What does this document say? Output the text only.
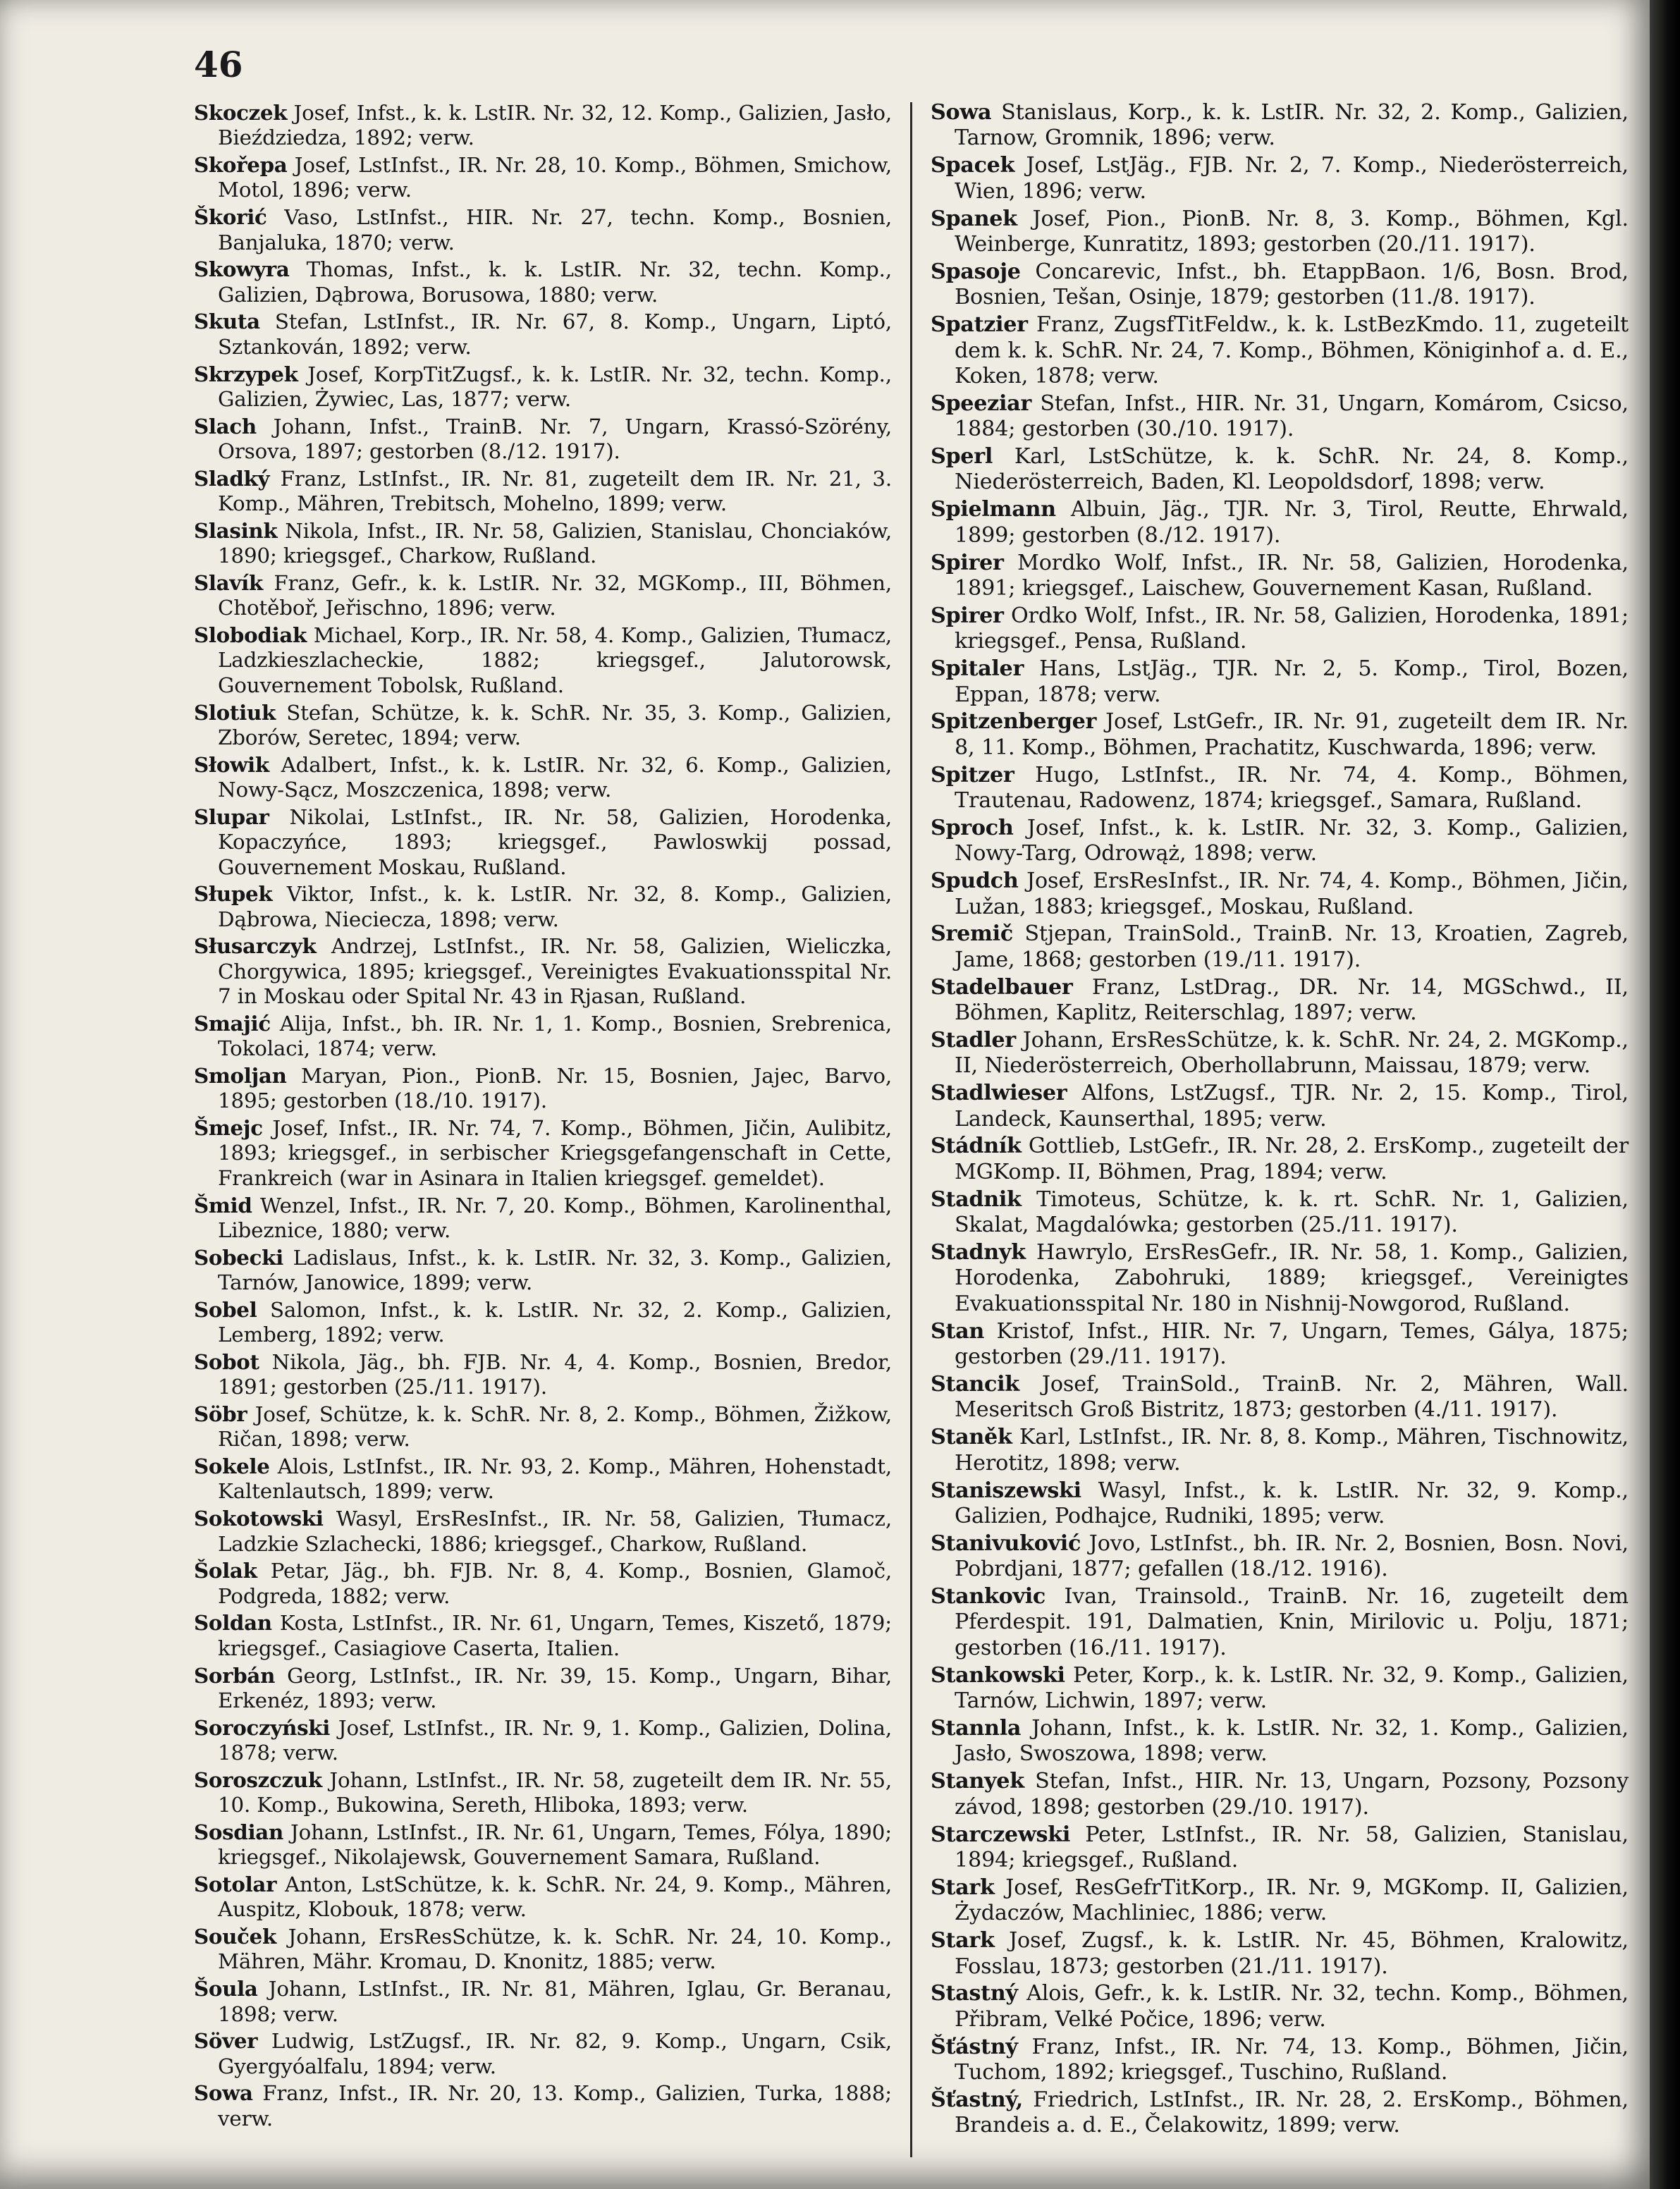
46

Skoczek Josef, Infst., k. k. LstIR. Nr. 32, 12. Komp., Galizien, Jasło, Bieździedza, 1892; verw.

Skořepa Josef, LstInfst., IR. Nr. 28, 10. Komp., Böhmen, Smichow, Motol, 1896; verw.

Škorić Vaso, LstInfst., HIR. Nr. 27, techn. Komp., Bosnien, Banjaluka, 1870; verw.

Skowyra Thomas, Infst., k. k. LstIR. Nr. 32, techn. Komp., Galizien, Dąbrowa, Borusowa, 1880; verw.

Skuta Stefan, LstInfst., IR. Nr. 67, 8. Komp., Ungarn, Liptó, Sztankován, 1892; verw.

Skrzypek Josef, KorpTitZugsf., k. k. LstIR. Nr. 32, techn. Komp., Galizien, Żywiec, Las, 1877; verw.

Slach Johann, Infst., TrainB. Nr. 7, Ungarn, Krassó-Szörény, Orsova, 1897; gestorben (8./12. 1917).

Sladký Franz, LstInfst., IR. Nr. 81, zugeteilt dem IR. Nr. 21, 3. Komp., Mähren, Trebitsch, Mohelno, 1899; verw.

Slasink Nikola, Infst., IR. Nr. 58, Galizien, Stanislau, Chonciaków, 1890; kriegsgef., Charkow, Rußland.

Slavík Franz, Gefr., k. k. LstIR. Nr. 32, MGKomp., III, Böhmen, Chotěboř, Jeřischno, 1896; verw.

Slobodiak Michael, Korp., IR. Nr. 58, 4. Komp., Galizien, Tłumacz, Ladzkieszlacheckie, 1882; kriegsgef., Jalutorowsk, Gouvernement Tobolsk, Rußland.

Slotiuk Stefan, Schütze, k. k. SchR. Nr. 35, 3. Komp., Galizien, Zborów, Seretec, 1894; verw.

Słowik Adalbert, Infst., k. k. LstIR. Nr. 32, 6. Komp., Galizien, Nowy-Sącz, Moszczenica, 1898; verw.

Slupar Nikolai, LstInfst., IR. Nr. 58, Galizien, Horodenka, Kopaczyńce, 1893; kriegsgef., Pawloswkij possad, Gouvernement Moskau, Rußland.

Słupek Viktor, Infst., k. k. LstIR. Nr. 32, 8. Komp., Galizien, Dąbrowa, Niecieczа, 1898; verw.

Słusarczyk Andrzej, LstInfst., IR. Nr. 58, Galizien, Wieliczka, Chorgywica, 1895; kriegsgef., Vereinigtes Evakuationsspital Nr. 7 in Moskau oder Spital Nr. 43 in Rjasan, Rußland.

Smajić Alija, Infst., bh. IR. Nr. 1, 1. Komp., Bosnien, Srebrenica, Tokolaci, 1874; verw.

Smoljan Maryan, Pion., PionB. Nr. 15, Bosnien, Jajec, Barvo, 1895; gestorben (18./10. 1917).

Šmejc Josef, Infst., IR. Nr. 74, 7. Komp., Böhmen, Jičin, Aulibitz, 1893; kriegsgef., in serbischer Kriegsgefangenschaft in Cette, Frankreich (war in Asinara in Italien kriegsgef. gemeldet).

Šmid Wenzel, Infst., IR. Nr. 7, 20. Komp., Böhmen, Karolinenthal, Libeznice, 1880; verw.

Sobecki Ladislaus, Infst., k. k. LstIR. Nr. 32, 3. Komp., Galizien, Tarnów, Janowice, 1899; verw.

Sobel Salomon, Infst., k. k. LstIR. Nr. 32, 2. Komp., Galizien, Lemberg, 1892; verw.

Sobot Nikola, Jäg., bh. FJB. Nr. 4, 4. Komp., Bosnien, Bredor, 1891; gestorben (25./11. 1917).

Söbr Josef, Schütze, k. k. SchR. Nr. 8, 2. Komp., Böhmen, Žižkow, Ričan, 1898; verw.

Sokele Alois, LstInfst., IR. Nr. 93, 2. Komp., Mähren, Hohenstadt, Kaltenlautsch, 1899; verw.

Sokotowski Wasyl, ErsResInfst., IR. Nr. 58, Galizien, Tłumacz, Ladzkie Szlachecki, 1886; kriegsgef., Charkow, Rußland.

Šolak Petar, Jäg., bh. FJB. Nr. 8, 4. Komp., Bosnien, Glamoč, Podgreda, 1882; verw.

Soldan Kosta, LstInfst., IR. Nr. 61, Ungarn, Temes, Kiszető, 1879; kriegsgef., Casiagiove Caserta, Italien.

Sorbán Georg, LstInfst., IR. Nr. 39, 15. Komp., Ungarn, Bihar, Erkenéz, 1893; verw.

Soroczyński Josef, LstInfst., IR. Nr. 9, 1. Komp., Galizien, Dolina, 1878; verw.

Soroszczuk Johann, LstInfst., IR. Nr. 58, zugeteilt dem IR. Nr. 55, 10. Komp., Bukowina, Sereth, Hliboka, 1893; verw.

Sosdian Johann, LstInfst., IR. Nr. 61, Ungarn, Temes, Fólya, 1890; kriegsgef., Nikolajewsk, Gouvernement Samara, Rußland.

Sotolar Anton, LstSchütze, k. k. SchR. Nr. 24, 9. Komp., Mähren, Auspitz, Klobouk, 1878; verw.

Souček Johann, ErsResSchütze, k. k. SchR. Nr. 24, 10. Komp., Mähren, Mähr. Kromau, D. Knonitz, 1885; verw.

Šoula Johann, LstInfst., IR. Nr. 81, Mähren, Iglau, Gr. Beranau, 1898; verw.

Söver Ludwig, LstZugsf., IR. Nr. 82, 9. Komp., Ungarn, Csik, Gyergyóalfalu, 1894; verw.

Sowa Franz, Infst., IR. Nr. 20, 13. Komp., Galizien, Turka, 1888; verw.

Sowa Stanislaus, Korp., k. k. LstIR. Nr. 32, 2. Komp., Galizien, Tarnow, Gromnik, 1896; verw.

Spacek Josef, LstJäg., FJB. Nr. 2, 7. Komp., Niederösterreich, Wien, 1896; verw.

Spanek Josef, Pion., PionB. Nr. 8, 3. Komp., Böhmen, Kgl. Weinberge, Kunratitz, 1893; gestorben (20./11. 1917).

Spasoje Concarevic, Infst., bh. EtappBaon. 1/6, Bosn. Brod, Bosnien, Tešan, Osinje, 1879; gestorben (11./8. 1917).

Spatzier Franz, ZugsfTitFeldw., k. k. LstBezKmdo. 11, zugeteilt dem k. k. SchR. Nr. 24, 7. Komp., Böhmen, Königinhof a. d. E., Koken, 1878; verw.

Speeziar Stefan, Infst., HIR. Nr. 31, Ungarn, Komárom, Csicso, 1884; gestorben (30./10. 1917).

Sperl Karl, LstSchütze, k. k. SchR. Nr. 24, 8. Komp., Niederösterreich, Baden, Kl. Leopoldsdorf, 1898; verw.

Spielmann Albuin, Jäg., TJR. Nr. 3, Tirol, Reutte, Ehrwald, 1899; gestorben (8./12. 1917).

Spirer Mordko Wolf, Infst., IR. Nr. 58, Galizien, Horodenka, 1891; kriegsgef., Laischew, Gouvernement Kasan, Rußland.

Spirer Ordko Wolf, Infst., IR. Nr. 58, Galizien, Horodenka, 1891; kriegsgef., Pensa, Rußland.

Spitaler Hans, LstJäg., TJR. Nr. 2, 5. Komp., Tirol, Bozen, Eppan, 1878; verw.

Spitzenberger Josef, LstGefr., IR. Nr. 91, zugeteilt dem IR. Nr. 8, 11. Komp., Böhmen, Prachatitz, Kuschwarda, 1896; verw.

Spitzer Hugo, LstInfst., IR. Nr. 74, 4. Komp., Böhmen, Trautenau, Radowenz, 1874; kriegsgef., Samara, Rußland.

Sproch Josef, Infst., k. k. LstIR. Nr. 32, 3. Komp., Galizien, Nowy-Targ, Odrowąż, 1898; verw.

Spudch Josef, ErsResInfst., IR. Nr. 74, 4. Komp., Böhmen, Jičin, Lužan, 1883; kriegsgef., Moskau, Rußland.

Sremič Stjepan, TrainSold., TrainB. Nr. 13, Kroatien, Zagreb, Jame, 1868; gestorben (19./11. 1917).

Stadelbauer Franz, LstDrag., DR. Nr. 14, MGSchwd., II, Böhmen, Kaplitz, Reiterschlag, 1897; verw.

Stadler Johann, ErsResSchütze, k. k. SchR. Nr. 24, 2. MGKomp., II, Niederösterreich, Oberhollabrunn, Maissau, 1879; verw.

Stadlwieser Alfons, LstZugsf., TJR. Nr. 2, 15. Komp., Tirol, Landeck, Kaunserthal, 1895; verw.

Stádník Gottlieb, LstGefr., IR. Nr. 28, 2. ErsKomp., zugeteilt der MGKomp. II, Böhmen, Prag, 1894; verw.

Stadnik Timoteus, Schütze, k. k. rt. SchR. Nr. 1, Galizien, Skalat, Magdalówka; gestorben (25./11. 1917).

Stadnyk Hawrylo, ErsResGefr., IR. Nr. 58, 1. Komp., Galizien, Horodenka, Zabohruki, 1889; kriegsgef., Vereinigtes Evakuationsspital Nr. 180 in Nishnij-Nowgorod, Rußland.

Stan Kristof, Infst., HIR. Nr. 7, Ungarn, Temes, Gálya, 1875; gestorben (29./11. 1917).

Stancik Josef, TrainSold., TrainB. Nr. 2, Mähren, Wall. Meseritsch Groß Bistritz, 1873; gestorben (4./11. 1917).

Staněk Karl, LstInfst., IR. Nr. 8, 8. Komp., Mähren, Tischnowitz, Herotitz, 1898; verw.

Staniszewski Wasyl, Infst., k. k. LstIR. Nr. 32, 9. Komp., Galizien, Podhajce, Rudniki, 1895; verw.

Stanivuković Jovo, LstInfst., bh. IR. Nr. 2, Bosnien, Bosn. Novi, Pobrdjani, 1877; gefallen (18./12. 1916).

Stankovic Ivan, Trainsold., TrainB. Nr. 16, zugeteilt dem Pferdespit. 191, Dalmatien, Knin, Mirilovic u. Polju, 1871; gestorben (16./11. 1917).

Stankowski Peter, Korp., k. k. LstIR. Nr. 32, 9. Komp., Galizien, Tarnów, Lichwin, 1897; verw.

Stannla Johann, Infst., k. k. LstIR. Nr. 32, 1. Komp., Galizien, Jasło, Swoszowa, 1898; verw.

Stanyek Stefan, Infst., HIR. Nr. 13, Ungarn, Pozsony, Pozsony závod, 1898; gestorben (29./10. 1917).

Starczewski Peter, LstInfst., IR. Nr. 58, Galizien, Stanislau, 1894; kriegsgef., Rußland.

Stark Josef, ResGefrTitKorp., IR. Nr. 9, MGKomp. II, Galizien, Żydaczów, Machliniec, 1886; verw.

Stark Josef, Zugsf., k. k. LstIR. Nr. 45, Böhmen, Kralowitz, Fosslau, 1873; gestorben (21./11. 1917).

Stastný Alois, Gefr., k. k. LstIR. Nr. 32, techn. Komp., Böhmen, Přibram, Velké Počice, 1896; verw.

Šťástný Franz, Infst., IR. Nr. 74, 13. Komp., Böhmen, Jičin, Tuchom, 1892; kriegsgef., Tuschino, Rußland.

Šťastný, Friedrich, LstInfst., IR. Nr. 28, 2. ErsKomp., Böhmen, Brandeis a. d. E., Čelakowitz, 1899; verw.
